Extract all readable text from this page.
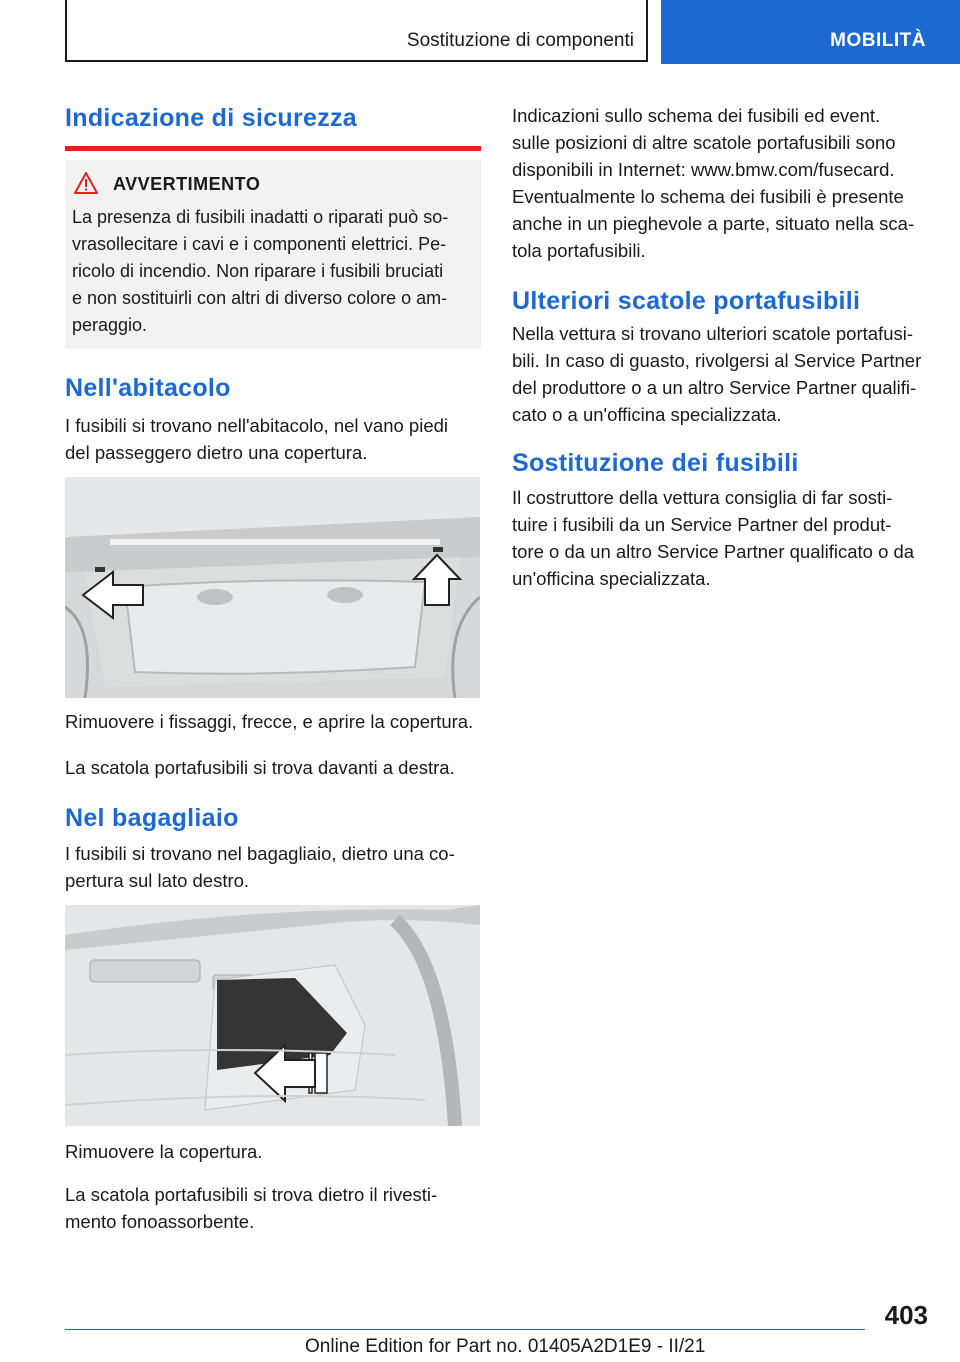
Sostituzione di componenti	MOBILITÀ
Indicazione di sicurezza
AVVERTIMENTO
La presenza di fusibili inadatti o riparati può so-
vrasollecitare i cavi e i componenti elettrici. Pe-
ricolo di incendio. Non riparare i fusibili bruciati
e non sostituirli con altri di diverso colore o am-
peraggio.
Nell'abitacolo
I fusibili si trovano nell'abitacolo, nel vano piedi
del passeggero dietro una copertura.
Rimuovere i fissaggi, frecce, e aprire la copertura.
La scatola portafusibili si trova davanti a destra.
Nel bagagliaio
I fusibili si trovano nel bagagliaio, dietro una co-
pertura sul lato destro.
Rimuovere la copertura.
La scatola portafusibili si trova dietro il rivesti-
mento fonoassorbente.
Indicazioni sullo schema dei fusibili ed event.
sulle posizioni di altre scatole portafusibili sono
disponibili in Internet: www.bmw.com/fusecard.
Eventualmente lo schema dei fusibili è presente
anche in un pieghevole a parte, situato nella sca-
tola portafusibili.
Ulteriori scatole portafusibili
Nella vettura si trovano ulteriori scatole portafusi-
bili. In caso di guasto, rivolgersi al Service Partner
del produttore o a un altro Service Partner qualifi-
cato o a un'officina specializzata.
Sostituzione dei fusibili
Il costruttore della vettura consiglia di far sosti-
tuire i fusibili da un Service Partner del produt-
tore o da un altro Service Partner qualificato o da
un'officina specializzata.
403
Online Edition for Part no. 01405A2D1E9 - II/21
